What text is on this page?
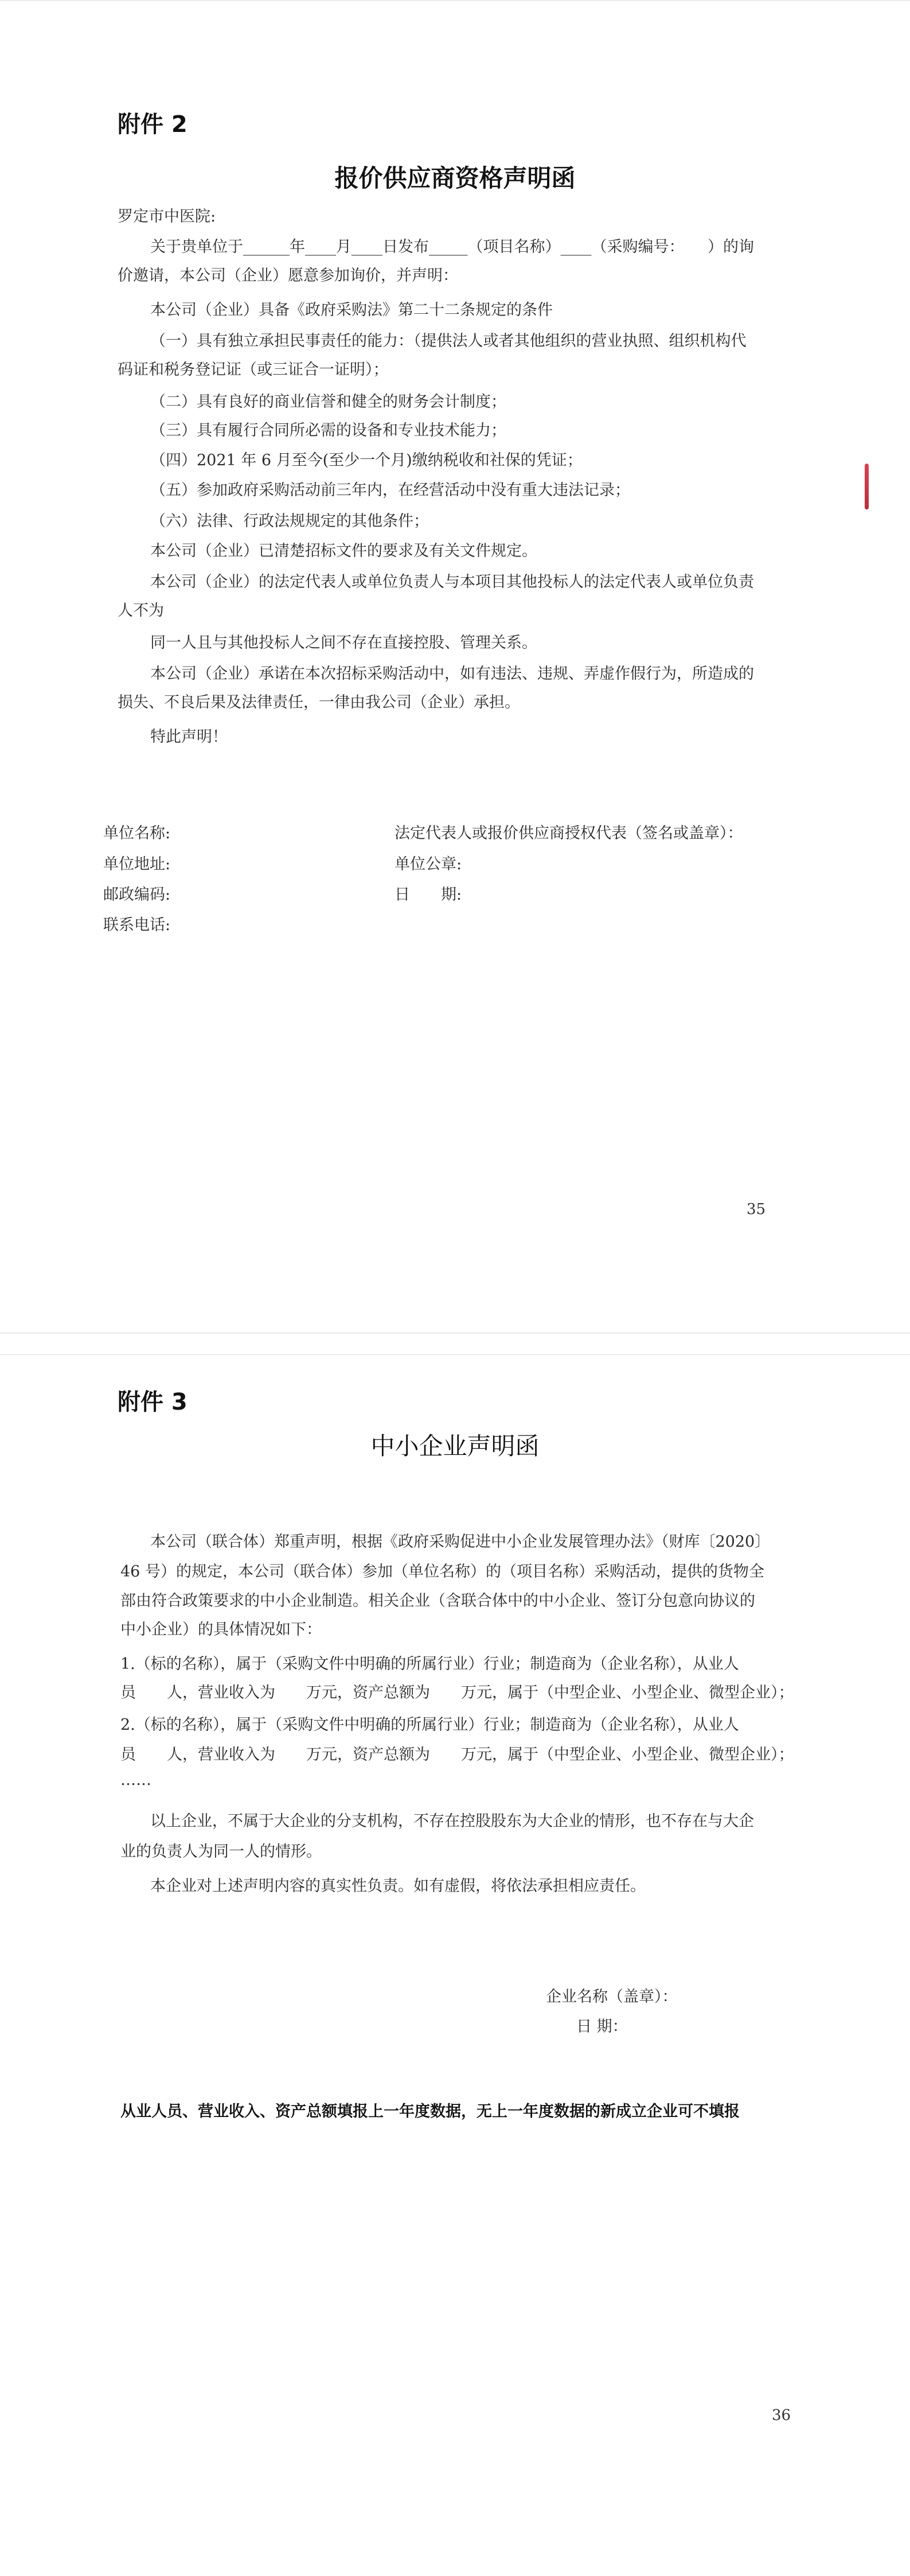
附件 2
报价供应商资格声明函
罗定市中医院:
关于贵单位于______年____月____日发布_____（项目名称）____（采购编号：　　）的询
价邀请，本公司（企业）愿意参加询价，并声明：
本公司（企业）具备《政府采购法》第二十二条规定的条件
（一）具有独立承担民事责任的能力：（提供法人或者其他组织的营业执照、组织机构代
码证和税务登记证（或三证合一证明）；
（二）具有良好的商业信誉和健全的财务会计制度；
（三）具有履行合同所必需的设备和专业技术能力；
（四）2021 年 6 月至今(至少一个月)缴纳税收和社保的凭证；
（五）参加政府采购活动前三年内，在经营活动中没有重大违法记录；
（六）法律、行政法规规定的其他条件；
本公司（企业）已清楚招标文件的要求及有关文件规定。
本公司（企业）的法定代表人或单位负责人与本项目其他投标人的法定代表人或单位负责
人不为
同一人且与其他投标人之间不存在直接控股、管理关系。
本公司（企业）承诺在本次招标采购活动中，如有违法、违规、弄虚作假行为，所造成的
损失、不良后果及法律责任，一律由我公司（企业）承担。
特此声明！
单位名称:
单位地址:
邮政编码:
联系电话:
法定代表人或报价供应商授权代表（签名或盖章）：
单位公章:
日　　期:
35
附件 3
中小企业声明函
本公司（联合体）郑重声明，根据《政府采购促进中小企业发展管理办法》（财库〔2020〕
46 号）的规定，本公司（联合体）参加（单位名称）的（项目名称）采购活动，提供的货物全
部由符合政策要求的中小企业制造。相关企业（含联合体中的中小企业、签订分包意向协议的
中小企业）的具体情况如下：
1.（标的名称），属于（采购文件中明确的所属行业）行业；制造商为（企业名称），从业人
员　　人，营业收入为　　万元，资产总额为　　万元，属于（中型企业、小型企业、微型企业）；
2.（标的名称），属于（采购文件中明确的所属行业）行业；制造商为（企业名称），从业人
员　　人，营业收入为　　万元，资产总额为　　万元，属于（中型企业、小型企业、微型企业）；
……
以上企业，不属于大企业的分支机构，不存在控股股东为大企业的情形，也不存在与大企
业的负责人为同一人的情形。
本企业对上述声明内容的真实性负责。如有虚假，将依法承担相应责任。
企业名称（盖章）：
日 期：
从业人员、营业收入、资产总额填报上一年度数据，无上一年度数据的新成立企业可不填报
36
